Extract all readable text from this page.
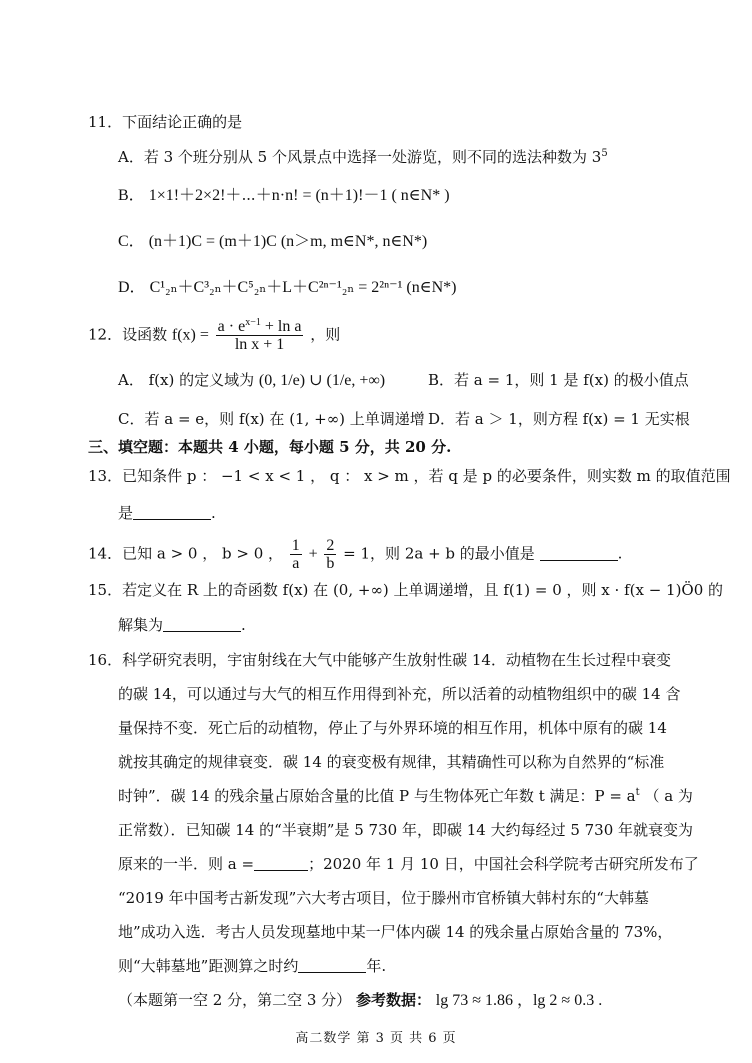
11．下面结论正确的是
A．若 3 个班分别从 5 个风景点中选择一处游览，则不同的选法种数为 $3^5$
B． 1×1!＋2×2!＋⋯＋n·n! = (n＋1)!－1 ( n∈N* )
C． (n＋1)C = (m＋1)C (n＞m, m∈N*, n∈N*)
D． C¹₂ₙ＋C³₂ₙ＋C⁵₂ₙ＋L＋C²ⁿ⁻¹₂ₙ = 2²ⁿ⁻¹ (n∈N*)
12．设函数 $f(x) = \frac{a \cdot e^{x-1} + \ln a}{\text{ln x + 1}}$ ，则
A． f(x) 的定义域为 (0, 1/e) ∪ (1/e, +∞)	B．若 a = 1，则 1 是 f(x) 的极小值点
C．若 a = e，则 f(x) 在 (1, +∞) 上单调递增 D．若 a ＞ 1，则方程 f(x) = 1 无实根
三、填空题：本题共 4 小题，每小题 5 分，共 20 分.
13．已知条件 p ： −1 < x < 1 ， q ： x > m ，若 q 是 p 的必要条件，则实数 m 的取值范围
是	.
14．已知 a > 0 ， b > 0 ， $\frac{1}{a} + \frac{2}{b} = 1$，则 2a + b 的最小值是	.
15．若定义在 R 上的奇函数 f(x) 在 (0, +∞) 上单调递增，且 f(1) = 0 ，则 x · f(x − 1)Ö0 的
解集为	.
16．科学研究表明，宇宙射线在大气中能够产生放射性碳 14．动植物在生长过程中衰变
的碳 14，可以通过与大气的相互作用得到补充，所以活着的动植物组织中的碳 14 含
量保持不变．死亡后的动植物，停止了与外界环境的相互作用，机体中原有的碳 14
就按其确定的规律衰变．碳 14 的衰变极有规律，其精确性可以称为自然界的“标准
时钟”．碳 14 的残余量占原始含量的比值 P 与生物体死亡年数 t 满足：$P = a^t$ （ a 为
正常数）．已知碳 14 的“半衰期”是 5 730 年，即碳 14 大约每经过 5 730 年就衰变为
原来的一半．则 a =	；2020 年 1 月 10 日，中国社会科学院考古研究所发布了
“2019 年中国考古新发现”六大考古项目，位于滕州市官桥镇大韩村东的“大韩墓
地”成功入选．考古人员发现墓地中某一尸体内碳 14 的残余量占原始含量的 73%，
则“大韩墓地”距测算之时约	年.
（本题第一空 2 分，第二空 3 分） 参考数据： lg 73 ≈ 1.86 ，lg 2 ≈ 0.3 .
高二数学 第 3 页 共 6 页
